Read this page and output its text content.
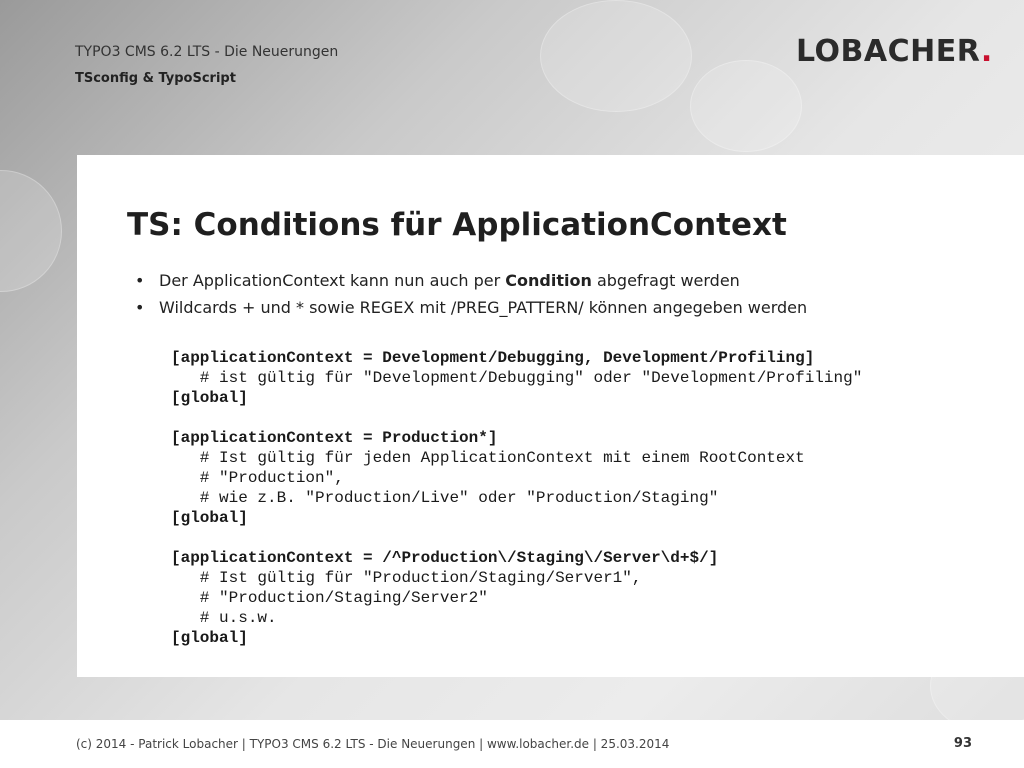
TYPO3 CMS 6.2 LTS - Die Neuerungen
TSconfig & TypoScript
LOBACHER.
TS: Conditions für ApplicationContext
• Der ApplicationContext kann nun auch per Condition abgefragt werden
• Wildcards + und * sowie REGEX mit /PREG_PATTERN/ können angegeben werden
[applicationContext = Development/Debugging, Development/Profiling]
# ist gültig für "Development/Debugging" oder "Development/Profiling"
[global]

[applicationContext = Production*]
# Ist gültig für jeden ApplicationContext mit einem RootContext
# "Production",
# wie z.B. "Production/Live" oder "Production/Staging"
[global]

[applicationContext = /^Production\/Staging\/Server\d+$/]
# Ist gültig für "Production/Staging/Server1",
# "Production/Staging/Server2"
# u.s.w.
[global]
(c) 2014 - Patrick Lobacher | TYPO3 CMS 6.2 LTS - Die Neuerungen | www.lobacher.de | 25.03.2014	93
